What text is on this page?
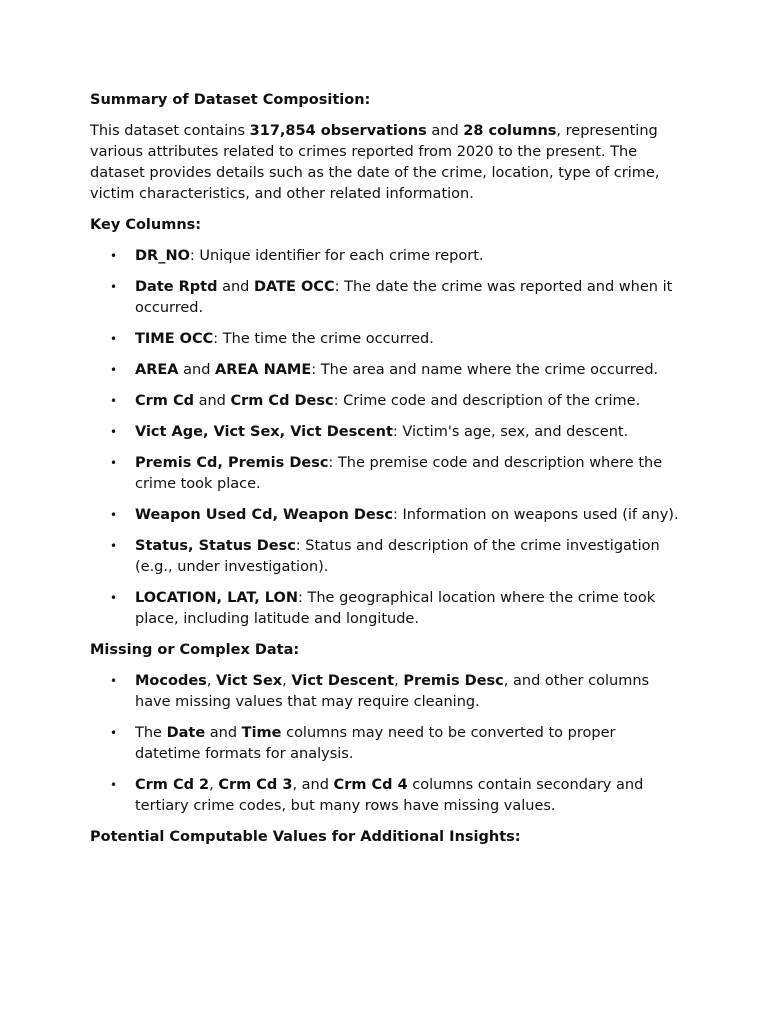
Summary of Dataset Composition:

This dataset contains 317,854 observations and 28 columns, representing various attributes related to crimes reported from 2020 to the present. The dataset provides details such as the date of the crime, location, type of crime, victim characteristics, and other related information.

Key Columns:
• DR_NO: Unique identifier for each crime report.
• Date Rptd and DATE OCC: The date the crime was reported and when it occurred.
• TIME OCC: The time the crime occurred.
• AREA and AREA NAME: The area and name where the crime occurred.
• Crm Cd and Crm Cd Desc: Crime code and description of the crime.
• Vict Age, Vict Sex, Vict Descent: Victim's age, sex, and descent.
• Premis Cd, Premis Desc: The premise code and description where the crime took place.
• Weapon Used Cd, Weapon Desc: Information on weapons used (if any).
• Status, Status Desc: Status and description of the crime investigation (e.g., under investigation).
• LOCATION, LAT, LON: The geographical location where the crime took place, including latitude and longitude.
Missing or Complex Data:
• Mocodes, Vict Sex, Vict Descent, Premis Desc, and other columns have missing values that may require cleaning.
• The Date and Time columns may need to be converted to proper datetime formats for analysis.
• Crm Cd 2, Crm Cd 3, and Crm Cd 4 columns contain secondary and tertiary crime codes, but many rows have missing values.
Potential Computable Values for Additional Insights:
